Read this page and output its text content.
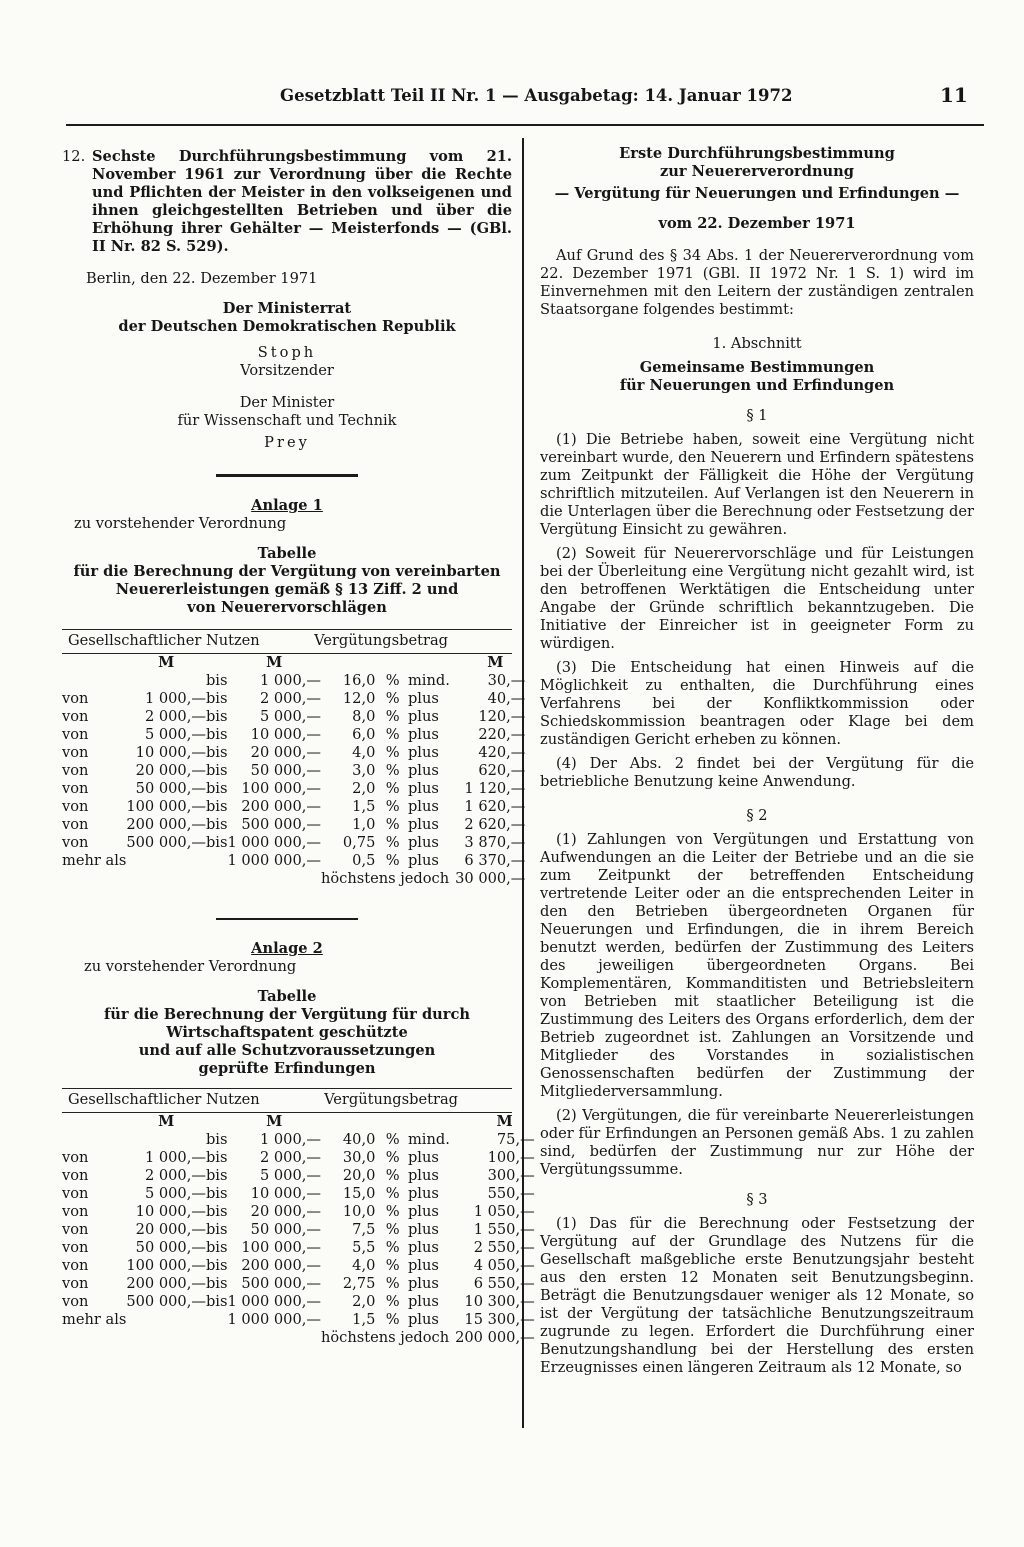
Gesetzblatt Teil II Nr. 1 — Ausgabetag: 14. Januar 1972	11
12. Sechste Durchführungsbestimmung vom 21. November 1961 zur Verordnung über die Rechte und Pflichten der Meister in den volkseigenen und ihnen gleichgestellten Betrieben und über die Erhöhung ihrer Gehälter — Meisterfonds — (GBl. II Nr. 82 S. 529).

Berlin, den 22. Dezember 1971

Der Ministerrat

der Deutschen Demokratischen Republik

Stoph

Vorsitzender

Der Minister

für Wissenschaft und Technik

Prey

Anlage 1

zu vorstehender Verordnung

Tabelle

für die Berechnung der Vergütung von vereinbarten

Neuererleistungen gemäß § 13 Ziff. 2 und

von Neuerervorschlägen

Gesellschaftlicher Nutzen	Vergütungsbetrag
	M		M				M
		bis	1 000,—	16,0	%	mind.	30,—
von	1 000,—	bis	2 000,—	12,0	%	plus	40,—
von	2 000,—	bis	5 000,—	8,0	%	plus	120,—
von	5 000,—	bis	10 000,—	6,0	%	plus	220,—
von	10 000,—	bis	20 000,—	4,0	%	plus	420,—
von	20 000,—	bis	50 000,—	3,0	%	plus	620,—
von	50 000,—	bis	100 000,—	2,0	%	plus	1 120,—
von	100 000,—	bis	200 000,—	1,5	%	plus	1 620,—
von	200 000,—	bis	500 000,—	1,0	%	plus	2 620,—
von	500 000,—	bis	1 000 000,—	0,75	%	plus	3 870,—
mehr als			1 000 000,—	0,5	%	plus	6 370,—
				höchstens jedoch			30 000,—

Anlage 2

zu vorstehender Verordnung

Tabelle

für die Berechnung der Vergütung für durch

Wirtschaftspatent geschützte

und auf alle Schutzvoraussetzungen

geprüfte Erfindungen

Gesellschaftlicher Nutzen	Vergütungsbetrag
	M		M				M
		bis	1 000,—	40,0	%	mind.	75,—
von	1 000,—	bis	2 000,—	30,0	%	plus	100,—
von	2 000,—	bis	5 000,—	20,0	%	plus	300,—
von	5 000,—	bis	10 000,—	15,0	%	plus	550,—
von	10 000,—	bis	20 000,—	10,0	%	plus	1 050,—
von	20 000,—	bis	50 000,—	7,5	%	plus	1 550,—
von	50 000,—	bis	100 000,—	5,5	%	plus	2 550,—
von	100 000,—	bis	200 000,—	4,0	%	plus	4 050,—
von	200 000,—	bis	500 000,—	2,75	%	plus	6 550,—
von	500 000,—	bis	1 000 000,—	2,0	%	plus	10 300,—
mehr als			1 000 000,—	1,5	%	plus	15 300,—
				höchstens jedoch			200 000,—

Erste Durchführungsbestimmung

zur Neuererverordnung

— Vergütung für Neuerungen und Erfindungen —

vom 22. Dezember 1971

Auf Grund des § 34 Abs. 1 der Neuererverordnung vom 22. Dezember 1971 (GBl. II 1972 Nr. 1 S. 1) wird im Einvernehmen mit den Leitern der zuständigen zentralen Staatsorgane folgendes bestimmt:

1. Abschnitt

Gemeinsame Bestimmungen

für Neuerungen und Erfindungen

§ 1

(1) Die Betriebe haben, soweit eine Vergütung nicht vereinbart wurde, den Neuerern und Erfindern spätestens zum Zeitpunkt der Fälligkeit die Höhe der Vergütung schriftlich mitzuteilen. Auf Verlangen ist den Neuerern in die Unterlagen über die Berechnung oder Festsetzung der Vergütung Einsicht zu gewähren.

(2) Soweit für Neuerervorschläge und für Leistungen bei der Überleitung eine Vergütung nicht gezahlt wird, ist den betroffenen Werktätigen die Entscheidung unter Angabe der Gründe schriftlich bekanntzugeben. Die Initiative der Einreicher ist in geeigneter Form zu würdigen.

(3) Die Entscheidung hat einen Hinweis auf die Möglichkeit zu enthalten, die Durchführung eines Verfahrens bei der Konfliktkommission oder Schiedskommission beantragen oder Klage bei dem zuständigen Gericht erheben zu können.

(4) Der Abs. 2 findet bei der Vergütung für die betriebliche Benutzung keine Anwendung.

§ 2

(1) Zahlungen von Vergütungen und Erstattung von Aufwendungen an die Leiter der Betriebe und an die sie zum Zeitpunkt der betreffenden Entscheidung vertretende Leiter oder an die entsprechenden Leiter in den den Betrieben übergeordneten Organen für Neuerungen und Erfindungen, die in ihrem Bereich benutzt werden, bedürfen der Zustimmung des Leiters des jeweiligen übergeordneten Organs. Bei Komplementären, Kommanditisten und Betriebsleitern von Betrieben mit staatlicher Beteiligung ist die Zustimmung des Leiters des Organs erforderlich, dem der Betrieb zugeordnet ist. Zahlungen an Vorsitzende und Mitglieder des Vorstandes in sozialistischen Genossenschaften bedürfen der Zustimmung der Mitgliederversammlung.

(2) Vergütungen, die für vereinbarte Neuererleistungen oder für Erfindungen an Personen gemäß Abs. 1 zu zahlen sind, bedürfen der Zustimmung nur zur Höhe der Vergütungssumme.

§ 3

(1) Das für die Berechnung oder Festsetzung der Vergütung auf der Grundlage des Nutzens für die Gesellschaft maßgebliche erste Benutzungsjahr besteht aus den ersten 12 Monaten seit Benutzungsbeginn. Beträgt die Benutzungsdauer weniger als 12 Monate, so ist der Vergütung der tatsächliche Benutzungszeitraum zugrunde zu legen. Erfordert die Durchführung einer Benutzungshandlung bei der Herstellung des ersten Erzeugnisses einen längeren Zeitraum als 12 Monate, so
